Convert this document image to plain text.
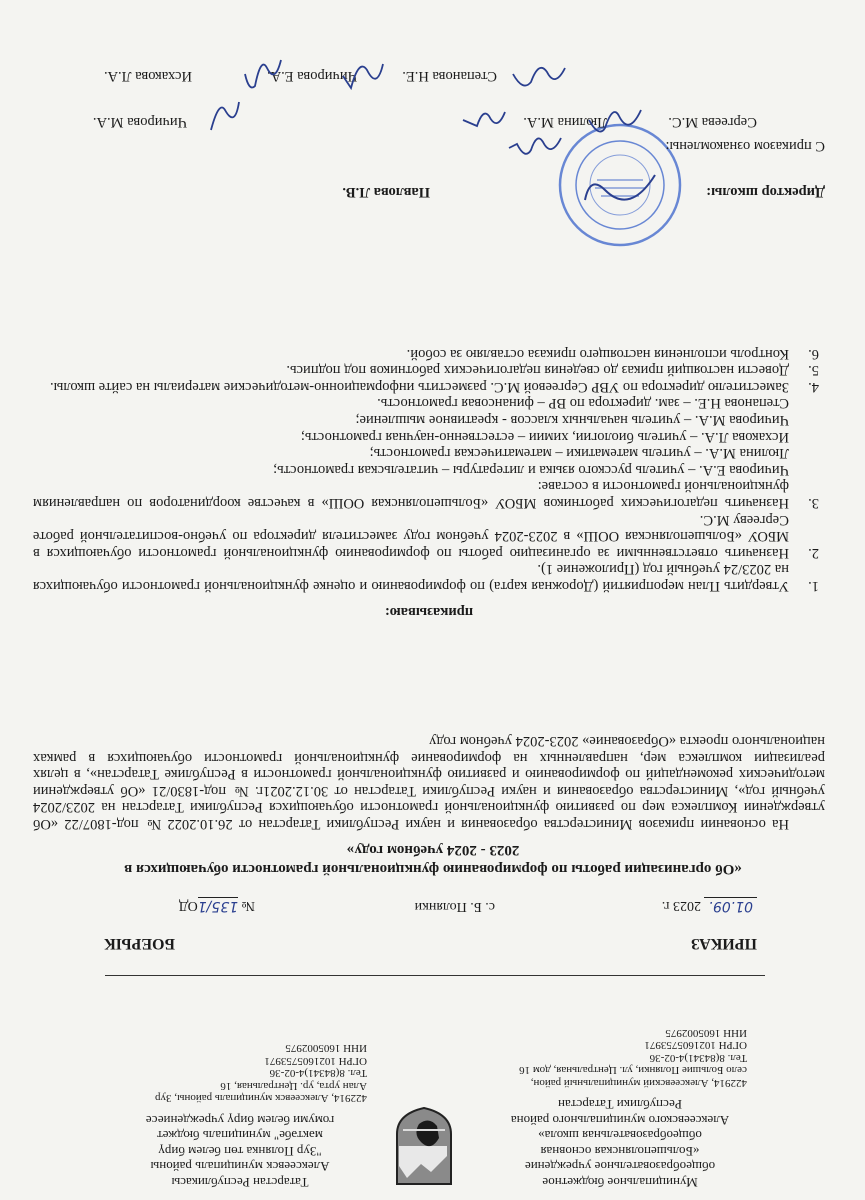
Муниципальное бюджетное
общеобразовательное учреждение
«Большеполянская основная
общеобразовательная школа»
Алексеевского муниципального района
Республики Татарстан
422914, Алексеевский муниципальный район,
село Большие Полянки, ул. Центральная, дом 16
Тел. 8(84341)4-02-36
ОГРН 1021605753971
ИНН 1605002975
Татарстан Республикасы
Алексеевск муниципаль районы
"Зур Полянка төп белем бирү
мәктәбе" муниципаль бюджет
гомуми белем бирү учреждениесе
422914, Алексеевск муниципаль районы, Зур
Алан урта, ур. Центральная, 16
Тел. 8(84341)4-02-36
ОГРН 1021605753971
ИНН 1605002975
ПРИКАЗ
БОЕРЫК
01.09. 2023 г.
с. Б. Полянки
№ 135/1ОД
«Об организации работы по формированию функциональной грамотности обучающихся в 2023 - 2024 учебном году»

На основании приказов Министерства образования и науки Республики Татарстан от 26.10.2022 № под-1807/22 «Об утверждении Комплекса мер по развитию функциональной грамотности обучающихся Республики Татарстан на 2023/2024 учебный год», Министерства образования и науки Республики Татарстан от 30.12.2021г. № под-1830/21 «Об утверждении методических рекомендаций по формированию и развитию функциональной грамотности в Республике Татарстан», в целях реализации комплекса мер, направленных на формирование функциональной грамотности обучающихся в рамках национального проекта «Образование» 2023-2024 учебном году

приказываю:
1.
Утвердить План мероприятий (Дорожная карта) по формированию и оценке функциональной грамотности обучающихся на 2023/24 учебный год (Приложение 1).
2.
Назначить ответственными за организацию работы по формированию функциональной грамотности обучающихся в МБОУ «Большеполянская ООШ» в 2023-2024 учебном году заместителя директора по учебно-воспитательной работе Сергееву М.С.
3.
Назначить педагогических работников МБОУ «Большеполянская ООШ» в качестве координаторов по направлениям функциональной грамотности в составе:
Чичирова Е.А. – учитель русского языка и литературы – читательская грамотность;
Люлина М.А. – учитель математики – математическая грамотность;
Исхакова Л.А. – учитель биологии, химии – естественно-научная грамотность;
Чичирова М.А. – учитель начальных классов - креативное мышление;
Степанова Н.Е. – зам. директора по ВР – финансовая грамотность.
4.
Заместителю директора по УВР Сергеевой М.С. разместить информационно-методические материалы на сайте школы.
5.
Довести настоящий приказ до сведения педагогических работников под подпись.
6.
Контроль исполнения настоящего приказа оставляю за собой.
Директор школы:
Павлова Л.В.
С приказом ознакомлены:
Сергеева М.С.
Люлина М.А.
Чичирова М.А.
Степанова Н.Е.
Чичирова Е.А.
Исхакова Л.А.
